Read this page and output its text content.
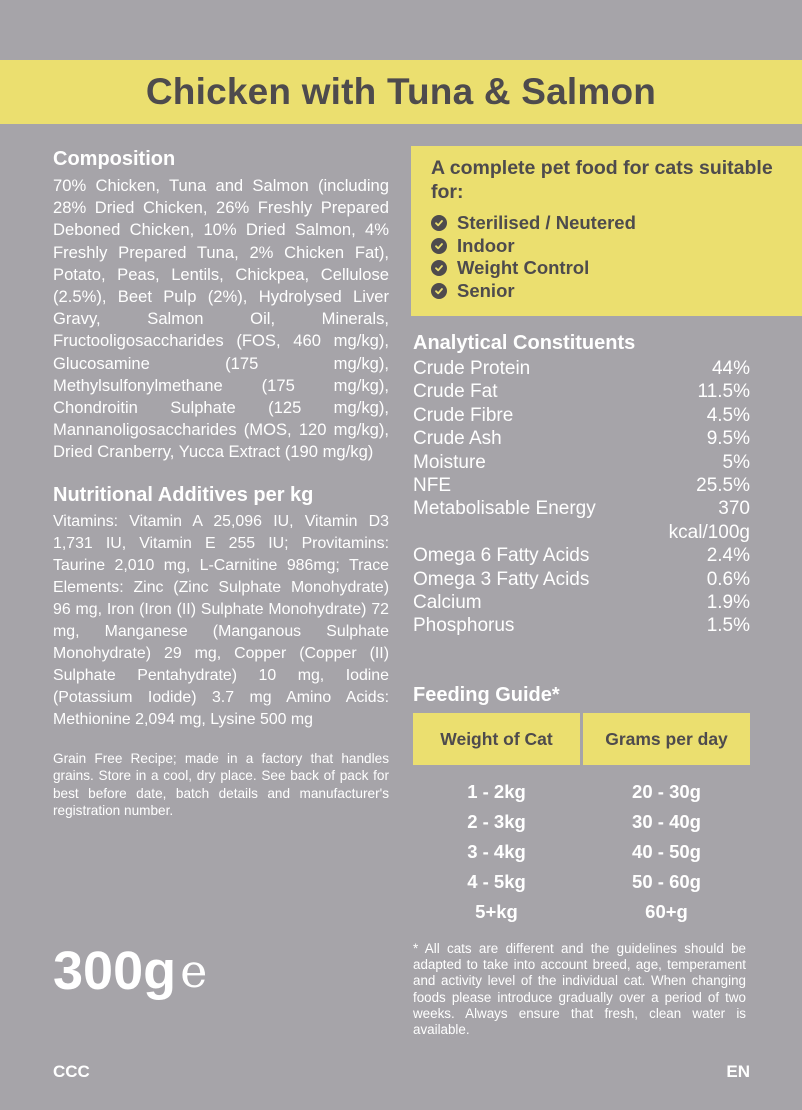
Chicken with Tuna & Salmon
Composition

70% Chicken, Tuna and Salmon (including 28% Dried Chicken, 26% Freshly Prepared Deboned Chicken, 10% Dried Salmon, 4% Freshly Prepared Tuna, 2% Chicken Fat), Potato, Peas, Lentils, Chickpea, Cellulose (2.5%), Beet Pulp (2%), Hydrolysed Liver Gravy, Salmon Oil, Minerals, Fructooligosaccharides (FOS, 460 mg/kg), Glucosamine (175 mg/kg), Methylsulfonylmethane (175 mg/kg), Chondroitin Sulphate (125 mg/kg), Mannanoligosaccharides (MOS, 120 mg/kg), Dried Cranberry, Yucca Extract (190 mg/kg)

Nutritional Additives per kg

Vitamins: Vitamin A 25,096 IU, Vitamin D3 1,731 IU, Vitamin E 255 IU; Provitamins: Taurine 2,010 mg, L-Carnitine 986mg; Trace Elements: Zinc (Zinc Sulphate Monohydrate) 96 mg, Iron (Iron (II) Sulphate Monohydrate) 72 mg, Manganese (Manganous Sulphate Monohydrate) 29 mg, Copper (Copper (II) Sulphate Pentahydrate) 10 mg, Iodine (Potassium Iodide) 3.7 mg Amino Acids: Methionine 2,094 mg, Lysine 500 mg

Grain Free Recipe; made in a factory that handles grains. Store in a cool, dry place. See back of pack for best before date, batch details and manufacturer's registration number.

300g e
CCC	EN
A complete pet food for cats suitable for:
Sterilised / Neutered
Indoor
Weight Control
Senior
Analytical Constituents
Crude Protein	44%
Crude Fat	11.5%
Crude Fibre	4.5%
Crude Ash	9.5%
Moisture	5%
NFE	25.5%
Metabolisable Energy	370
kcal/100g
Omega 6 Fatty Acids	2.4%
Omega 3 Fatty Acids	0.6%
Calcium	1.9%
Phosphorus	1.5%
Feeding Guide*
Weight of Cat	Grams per day
1 - 2kg	20 - 30g
2 - 3kg	30 - 40g
3 - 4kg	40 - 50g
4 - 5kg	50 - 60g
5+kg	60+g

* All cats are different and the guidelines should be adapted to take into account breed, age, temperament and activity level of the individual cat. When changing foods please introduce gradually over a period of two weeks. Always ensure that fresh, clean water is available.
